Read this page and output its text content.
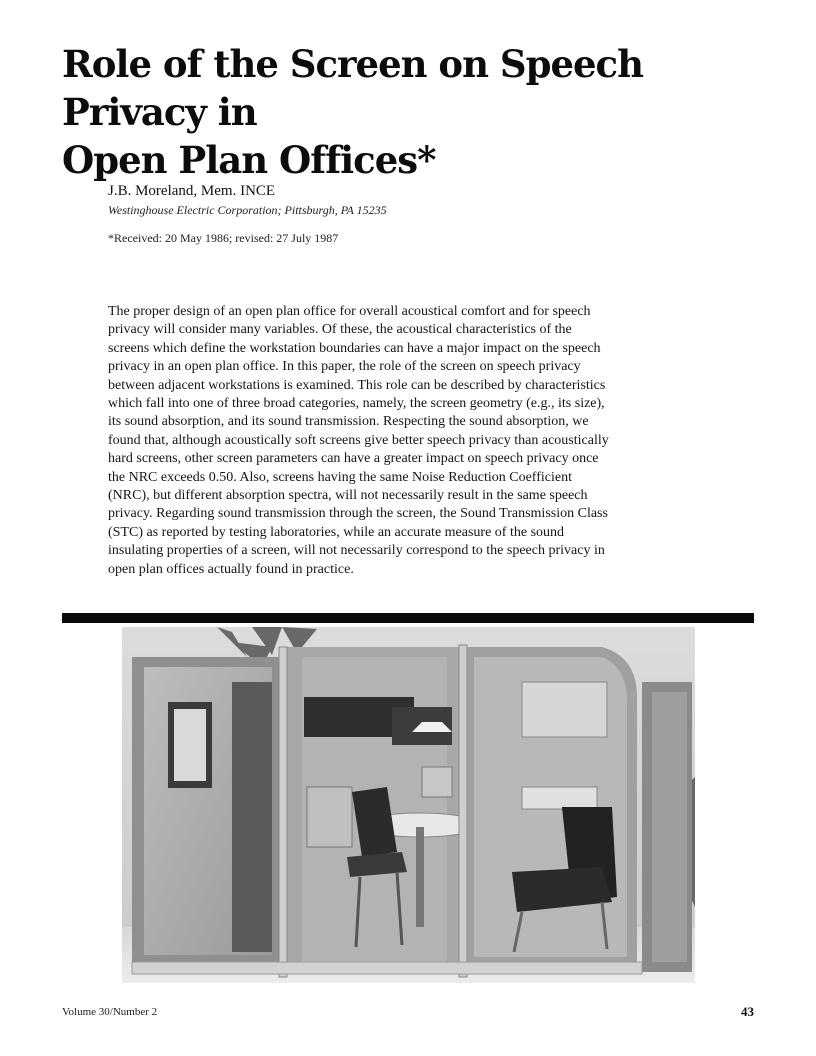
Role of the Screen on Speech Privacy in
Open Plan Offices*
J.B. Moreland, Mem. INCE
Westinghouse Electric Corporation; Pittsburgh, PA 15235
*Received: 20 May 1986; revised: 27 July 1987
The proper design of an open plan office for overall acoustical comfort and for speech
privacy will consider many variables. Of these, the acoustical characteristics of the
screens which define the workstation boundaries can have a major impact on the speech
privacy in an open plan office. In this paper, the role of the screen on speech privacy
between adjacent workstations is examined. This role can be described by characteristics
which fall into one of three broad categories, namely, the screen geometry (e.g., its size),
its sound absorption, and its sound transmission. Respecting the sound absorption, we
found that, although acoustically soft screens give better speech privacy than acoustically
hard screens, other screen parameters can have a greater impact on speech privacy once
the NRC exceeds 0.50. Also, screens having the same Noise Reduction Coefficient
(NRC), but different absorption spectra, will not necessarily result in the same speech
privacy. Regarding sound transmission through the screen, the Sound Transmission Class
(STC) as reported by testing laboratories, while an accurate measure of the sound
insulating properties of a screen, will not necessarily correspond to the speech privacy in
open plan offices actually found in practice.
Volume 30/Number 2	43
